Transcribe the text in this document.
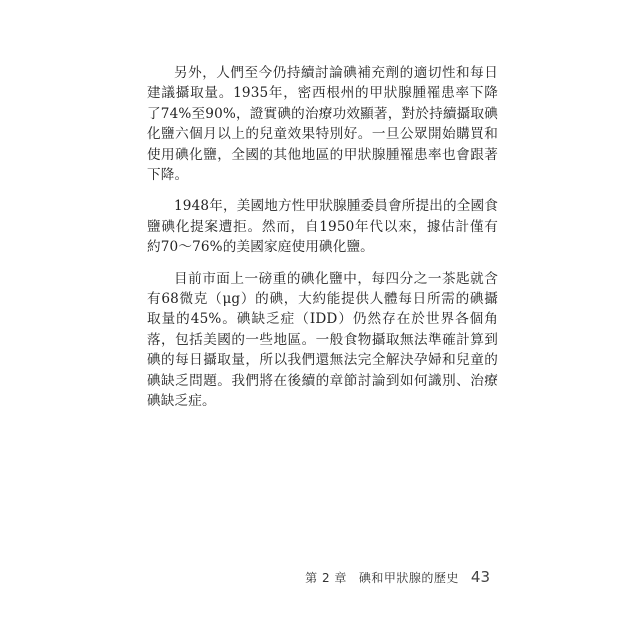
另外，人們至今仍持續討論碘補充劑的適切性和每日建議攝取量。1935年，密西根州的甲狀腺腫罹患率下降了74%至90%，證實碘的治療功效顯著，對於持續攝取碘化鹽六個月以上的兒童效果特別好。一旦公眾開始購買和使用碘化鹽，全國的其他地區的甲狀腺腫罹患率也會跟著下降。

1948年，美國地方性甲狀腺腫委員會所提出的全國食鹽碘化提案遭拒。然而，自1950年代以來，據估計僅有約70～76%的美國家庭使用碘化鹽。

目前市面上一磅重的碘化鹽中，每四分之一茶匙就含有68微克（μg）的碘，大約能提供人體每日所需的碘攝取量的45%。碘缺乏症（IDD）仍然存在於世界各個角落，包括美國的一些地區。一般食物攝取無法準確計算到碘的每日攝取量，所以我們還無法完全解決孕婦和兒童的碘缺乏問題。我們將在後續的章節討論到如何識別、治療碘缺乏症。

第 2 章 碘和甲狀腺的歷史 43
